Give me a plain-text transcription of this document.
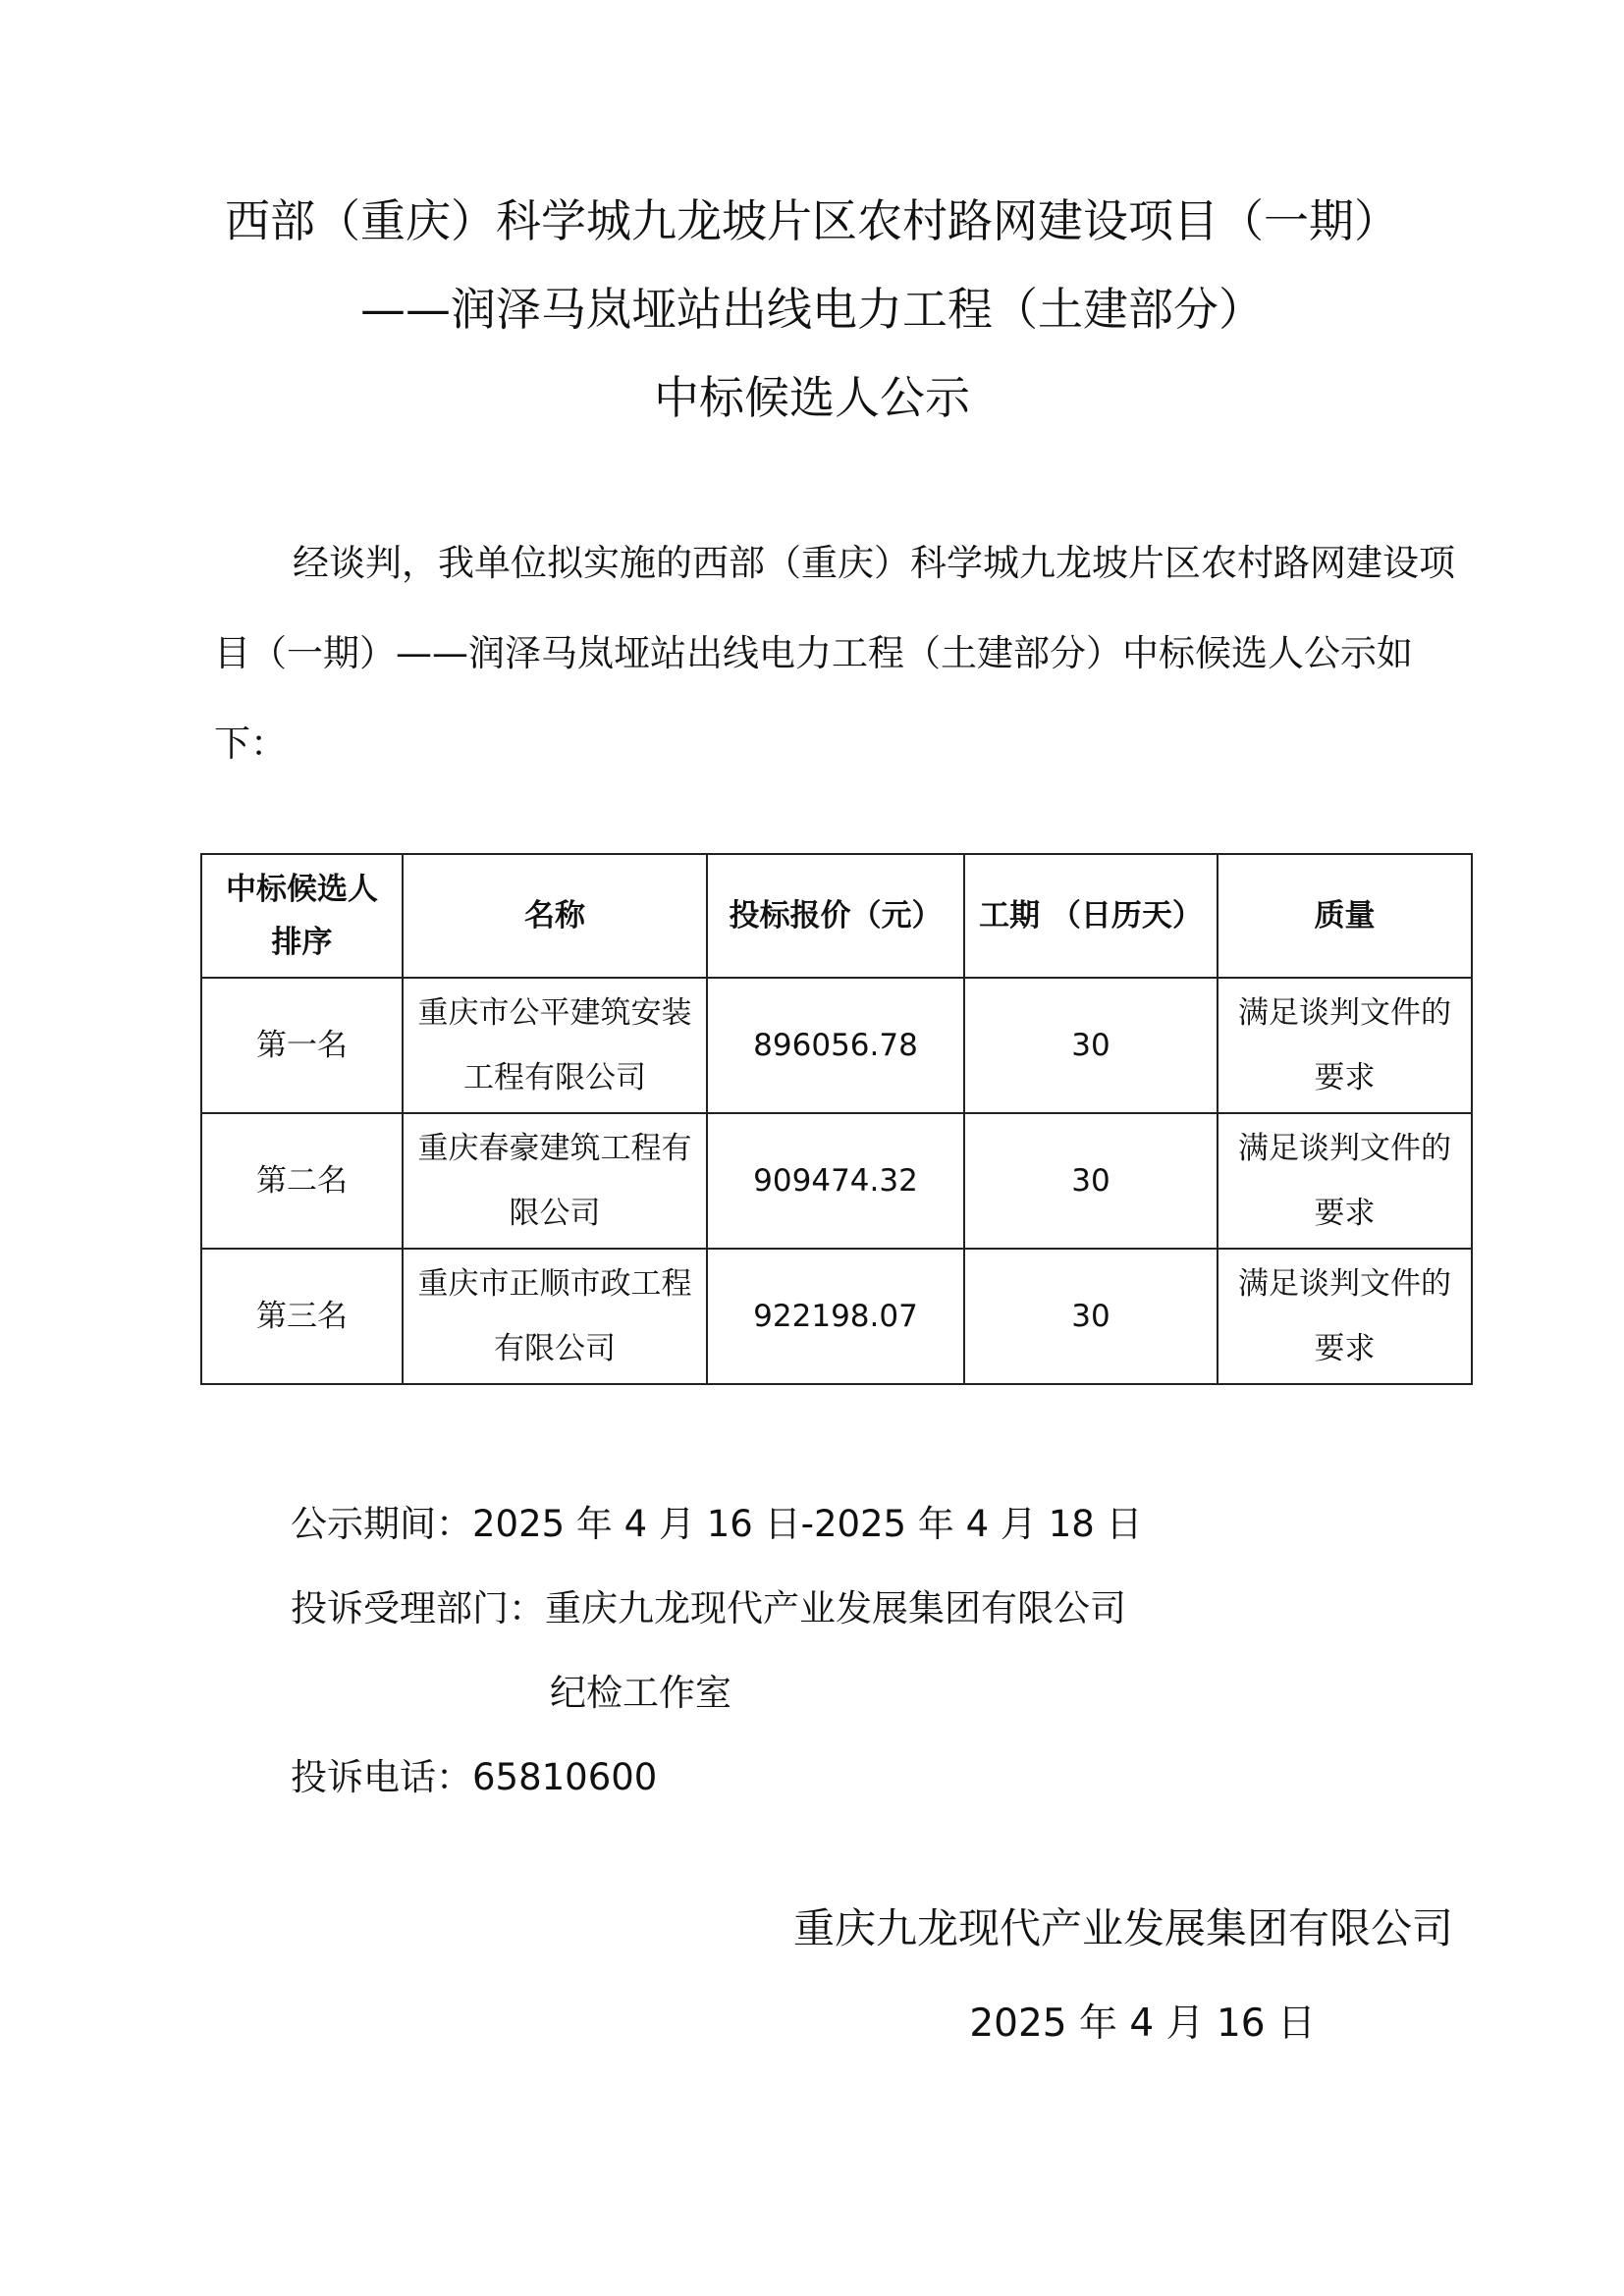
西部（重庆）科学城九龙坡片区农村路网建设项目（一期）
——润泽马岚垭站出线电力工程（土建部分）
中标候选人公示

经谈判，我单位拟实施的西部（重庆）科学城九龙坡片区农村路网建设项目（一期）——润泽马岚垭站出线电力工程（土建部分）中标候选人公示如下：

中标候选人排序	名称	投标报价（元）	工期 （日历天）	质量
第一名	重庆市公平建筑安装工程有限公司	896056.78	30	满足谈判文件的要求
第二名	重庆春豪建筑工程有限公司	909474.32	30	满足谈判文件的要求
第三名	重庆市正顺市政工程有限公司	922198.07	30	满足谈判文件的要求
公示期间：2025 年 4 月 16 日-2025 年 4 月 18 日
投诉受理部门：重庆九龙现代产业发展集团有限公司
纪检工作室
投诉电话：65810600
重庆九龙现代产业发展集团有限公司
2025 年 4 月 16 日
